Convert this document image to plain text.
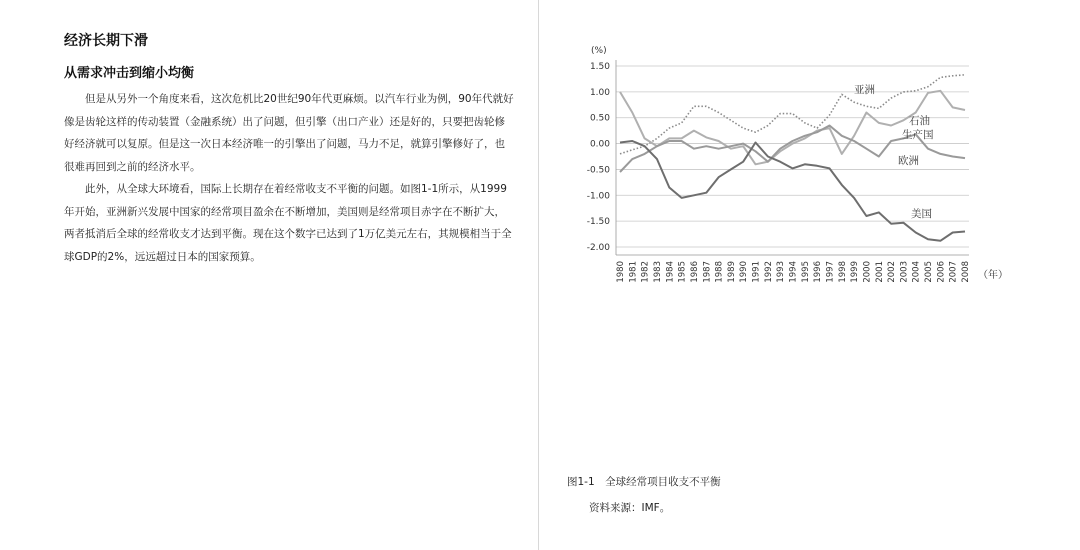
经济长期下滑
从需求冲击到缩小均衡

但是从另外一个角度来看，这次危机比20世纪90年代更麻烦。以汽车行业为例，90年代就好像是齿轮这样的传动装置（金融系统）出了问题，但引擎（出口产业）还是好的，只要把齿轮修好经济就可以复原。但是这一次日本经济唯一的引擎出了问题，马力不足，就算引擎修好了，也很难再回到之前的经济水平。

此外，从全球大环境看，国际上长期存在着经常收支不平衡的问题。如图1-1所示，从1999年开始，亚洲新兴发展中国家的经常项目盈余在不断增加，美国则是经常项目赤字在不断扩大，两者抵消后全球的经常收支才达到平衡。现在这个数字已达到了1万亿美元左右，其规模相当于全球GDP的2%，远远超过日本的国家预算。

(%)
1.50
1.00
0.50
0.00
-0.50
-1.00
-1.50
-2.00
1980 1981 1982 1983 1984 1985 1986 1987 1988 1989 1990 1991 1992 1993 1994 1995 1996 1997 1998 1999 2000 2001 2002 2003 2004 2005 2006 2007 2008 （年）
亚洲
石油
生产国
欧洲
美国
图1-1　全球经常项目收支不平衡
资料来源：IMF。
